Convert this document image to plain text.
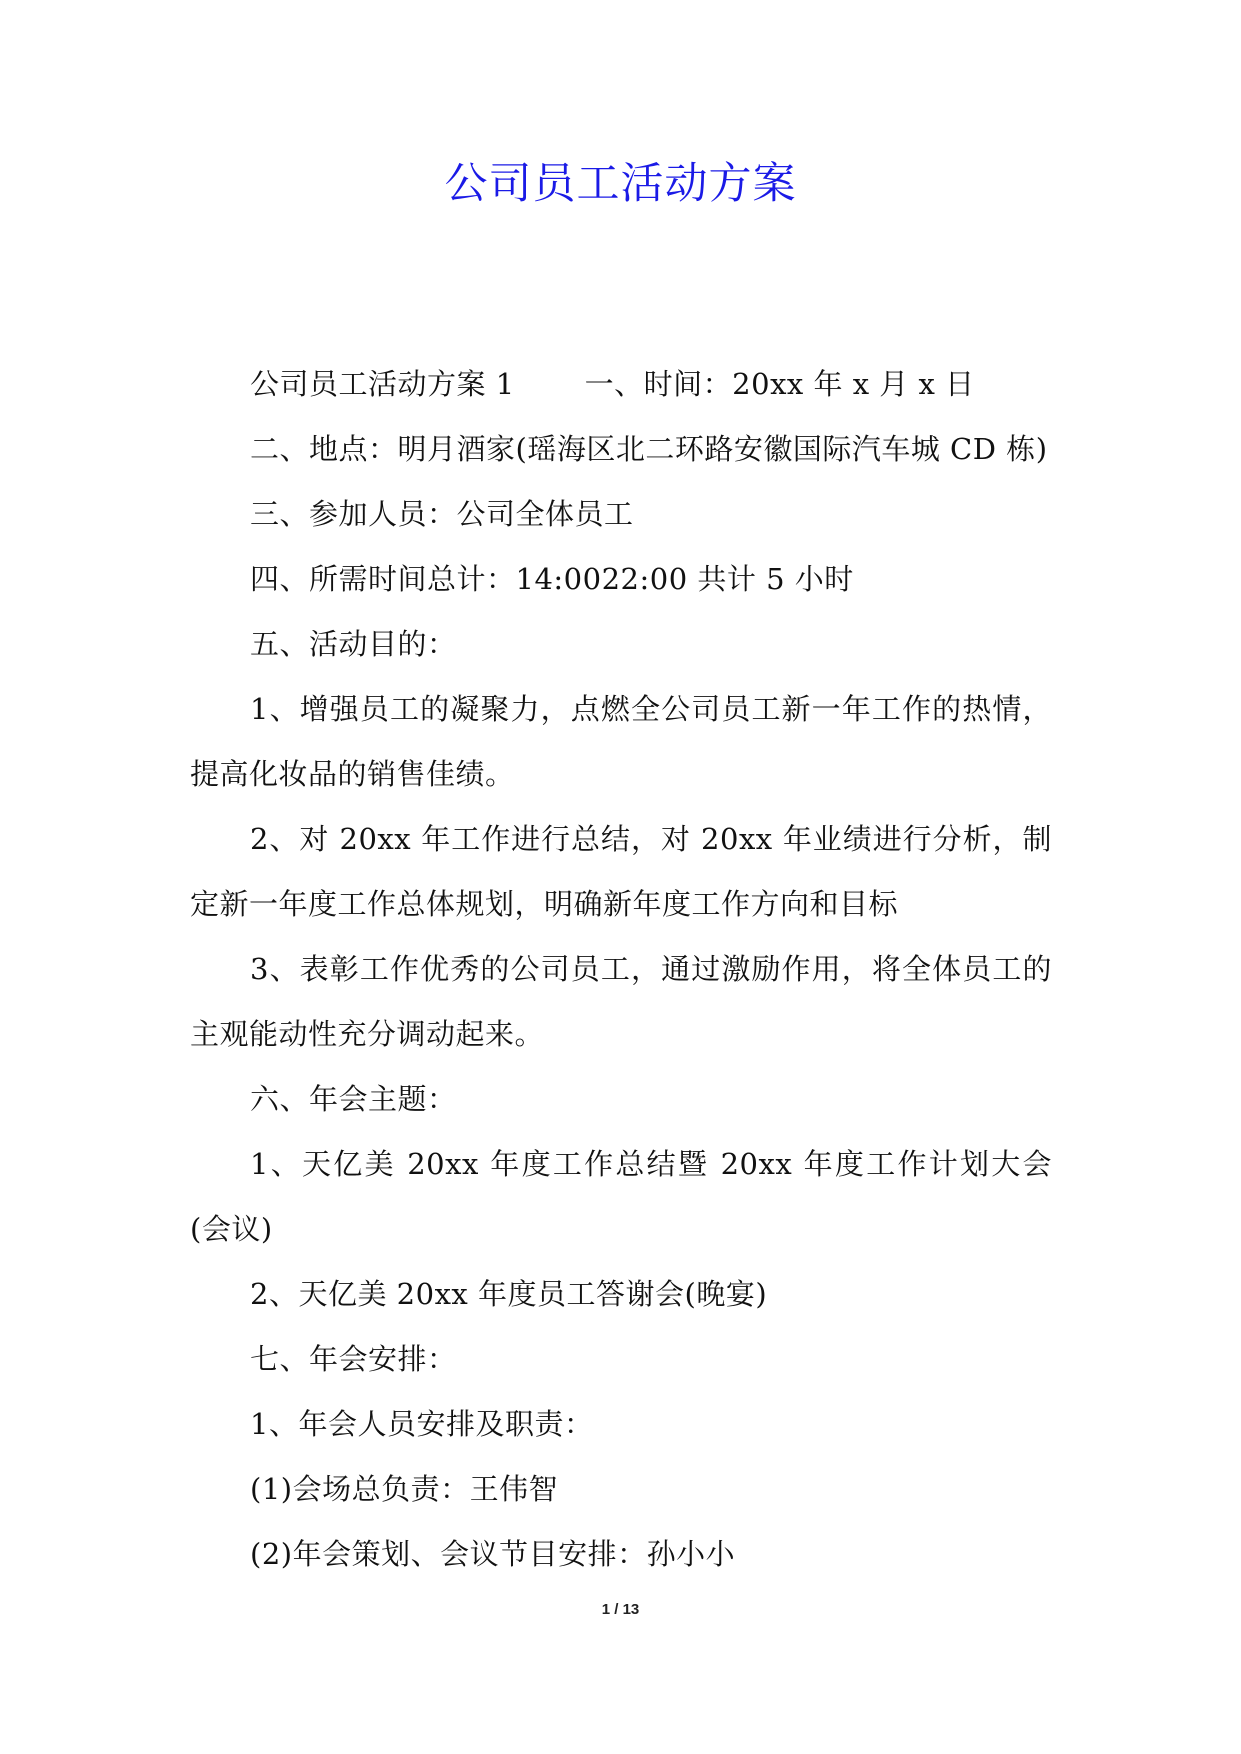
公司员工活动方案

公司员工活动方案 1 一、时间：20xx 年 x 月 x 日

二、地点：明月酒家(瑶海区北二环路安徽国际汽车城 CD 栋)

三、参加人员：公司全体员工

四、所需时间总计：14:0022:00 共计 5 小时

五、活动目的：

1、增强员工的凝聚力，点燃全公司员工新一年工作的热情，提高化妆品的销售佳绩。

2、对 20xx 年工作进行总结，对 20xx 年业绩进行分析，制定新一年度工作总体规划，明确新年度工作方向和目标

3、表彰工作优秀的公司员工，通过激励作用，将全体员工的主观能动性充分调动起来。

六、年会主题：

1、天亿美 20xx 年度工作总结暨 20xx 年度工作计划大会(会议)

2、天亿美 20xx 年度员工答谢会(晚宴)

七、年会安排：

1、年会人员安排及职责：

(1)会场总负责：王伟智

(2)年会策划、会议节目安排：孙小小

1 / 13
